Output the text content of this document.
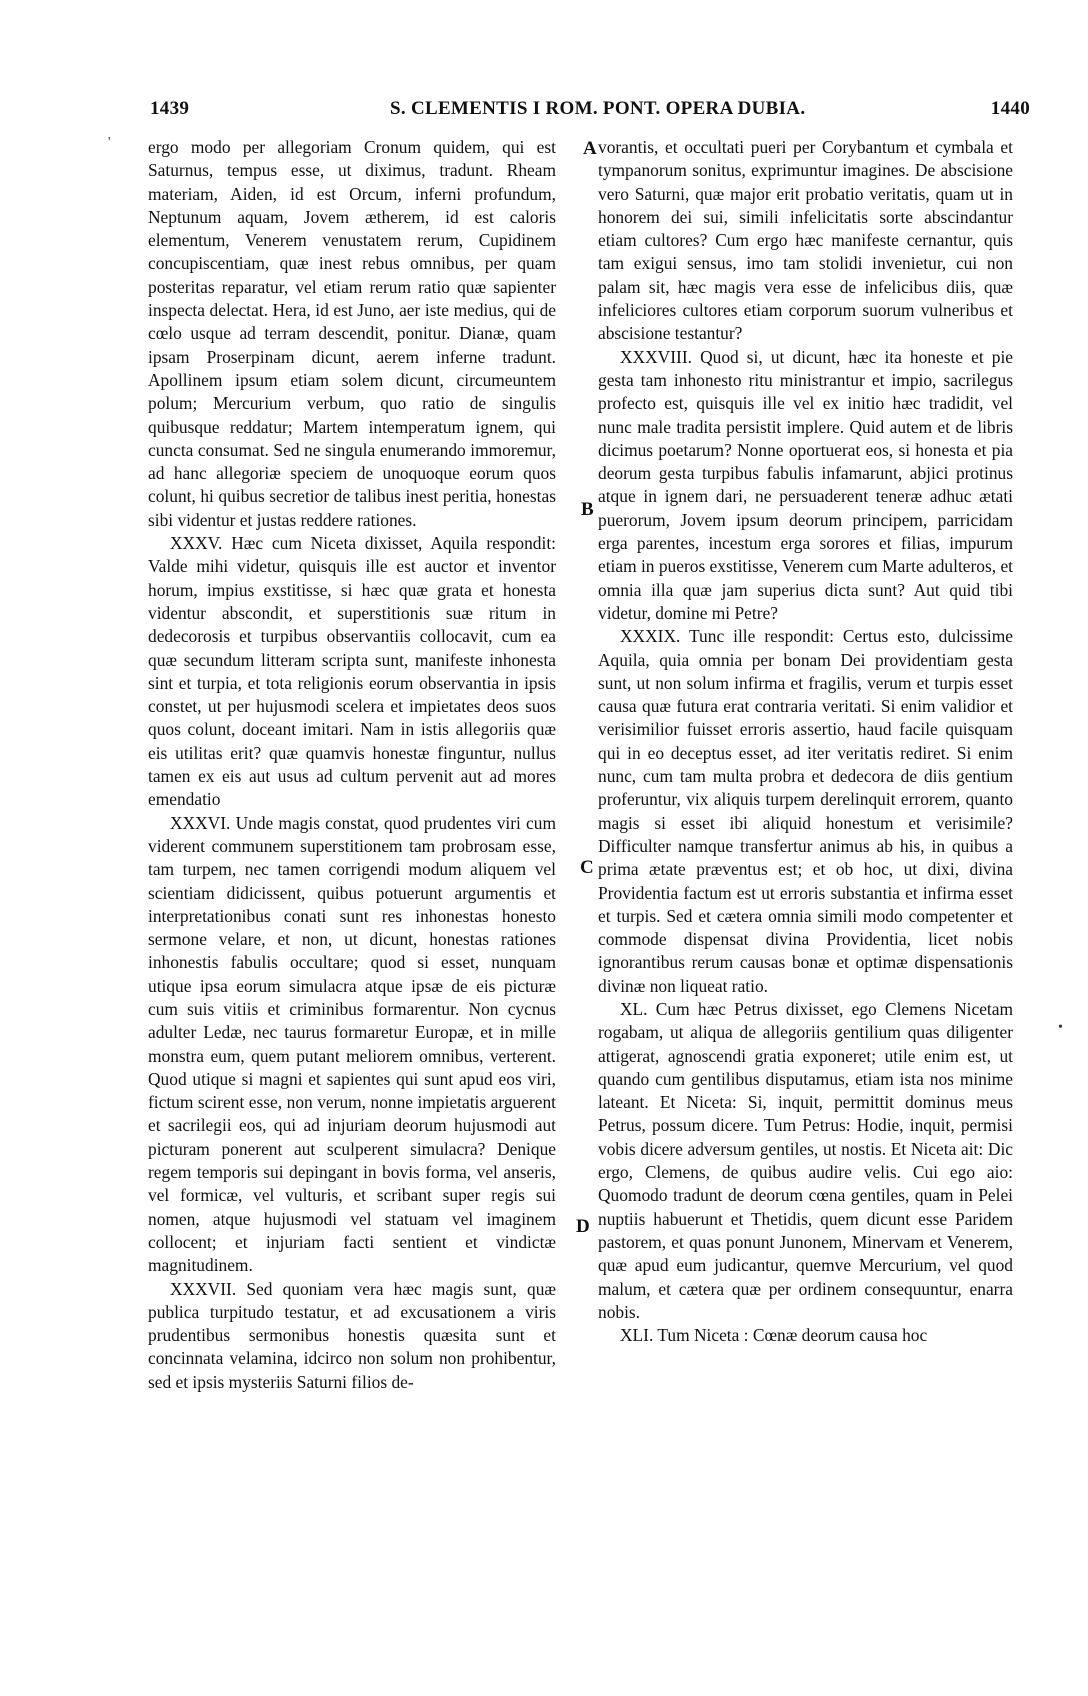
1439	S. CLEMENTIS I ROM. PONT. OPERA DUBIA.	1440
'
•
A
B
C
D

ergo modo per allegoriam Cronum quidem, qui est Saturnus, tempus esse, ut diximus, tradunt. Rheam materiam, Aiden, id est Orcum, inferni profundum, Neptunum aquam, Jovem ætherem, id est caloris elementum, Venerem venustatem rerum, Cupidinem concupiscentiam, quæ inest rebus omnibus, per quam posteritas reparatur, vel etiam rerum ratio quæ sapienter inspecta delectat. Hera, id est Juno, aer iste medius, qui de cœlo usque ad terram descendit, ponitur. Dianæ, quam ipsam Proserpinam dicunt, aerem inferne tradunt. Apollinem ipsum etiam solem dicunt, circumeuntem polum; Mercurium verbum, quo ratio de singulis quibusque reddatur; Martem intemperatum ignem, qui cuncta consumat. Sed ne singula enumerando immoremur, ad hanc allegoriæ speciem de unoquoque eorum quos colunt, hi quibus secretior de talibus inest peritia, honestas sibi videntur et justas reddere rationes.

XXXV. Hæc cum Niceta dixisset, Aquila respondit: Valde mihi videtur, quisquis ille est auctor et inventor horum, impius exstitisse, si hæc quæ grata et honesta videntur abscondit, et superstitionis suæ ritum in dedecorosis et turpibus observantiis collocavit, cum ea quæ secundum litteram scripta sunt, manifeste inhonesta sint et turpia, et tota religionis eorum observantia in ipsis constet, ut per hujusmodi scelera et impietates deos suos quos colunt, doceant imitari. Nam in istis allegoriis quæ eis utilitas erit? quæ quamvis honestæ finguntur, nullus tamen ex eis aut usus ad cultum pervenit aut ad mores emendatio

XXXVI. Unde magis constat, quod prudentes viri cum viderent communem superstitionem tam probrosam esse, tam turpem, nec tamen corrigendi modum aliquem vel scientiam didicissent, quibus potuerunt argumentis et interpretationibus conati sunt res inhonestas honesto sermone velare, et non, ut dicunt, honestas rationes inhonestis fabulis occultare; quod si esset, nunquam utique ipsa eorum simulacra atque ipsæ de eis picturæ cum suis vitiis et criminibus formarentur. Non cycnus adulter Ledæ, nec taurus formaretur Europæ, et in mille monstra eum, quem putant meliorem omnibus, verterent. Quod utique si magni et sapientes qui sunt apud eos viri, fictum scirent esse, non verum, nonne impietatis arguerent et sacrilegii eos, qui ad injuriam deorum hujusmodi aut picturam ponerent aut sculperent simulacra? Denique regem temporis sui depingant in bovis forma, vel anseris, vel formicæ, vel vulturis, et scribant super regis sui nomen, atque hujusmodi vel statuam vel imaginem collocent; et injuriam facti sentient et vindictæ magnitudinem.

XXXVII. Sed quoniam vera hæc magis sunt, quæ publica turpitudo testatur, et ad excusationem a viris prudentibus sermonibus honestis quæsita sunt et concinnata velamina, idcirco non solum non prohibentur, sed et ipsis mysteriis Saturni filios de-

vorantis, et occultati pueri per Corybantum et cymbala et tympanorum sonitus, exprimuntur imagines. De abscisione vero Saturni, quæ major erit probatio veritatis, quam ut in honorem dei sui, simili infelicitatis sorte abscindantur etiam cultores? Cum ergo hæc manifeste cernantur, quis tam exigui sensus, imo tam stolidi invenietur, cui non palam sit, hæc magis vera esse de infelicibus diis, quæ infeliciores cultores etiam corporum suorum vulneribus et abscisione testantur?

XXXVIII. Quod si, ut dicunt, hæc ita honeste et pie gesta tam inhonesto ritu ministrantur et impio, sacrilegus profecto est, quisquis ille vel ex initio hæc tradidit, vel nunc male tradita persistit implere. Quid autem et de libris dicimus poetarum? Nonne oportuerat eos, si honesta et pia deorum gesta turpibus fabulis infamarunt, abjici protinus atque in ignem dari, ne persuaderent teneræ adhuc ætati puerorum, Jovem ipsum deorum principem, parricidam erga parentes, incestum erga sorores et filias, impurum etiam in pueros exstitisse, Venerem cum Marte adulteros, et omnia illa quæ jam superius dicta sunt? Aut quid tibi videtur, domine mi Petre?

XXXIX. Tunc ille respondit: Certus esto, dulcissime Aquila, quia omnia per bonam Dei providentiam gesta sunt, ut non solum infirma et fragilis, verum et turpis esset causa quæ futura erat contraria veritati. Si enim validior et verisimilior fuisset erroris assertio, haud facile quisquam qui in eo deceptus esset, ad iter veritatis rediret. Si enim nunc, cum tam multa probra et dedecora de diis gentium proferuntur, vix aliquis turpem derelinquit errorem, quanto magis si esset ibi aliquid honestum et verisimile? Difficulter namque transfertur animus ab his, in quibus a prima ætate præventus est; et ob hoc, ut dixi, divina Providentia factum est ut erroris substantia et infirma esset et turpis. Sed et cætera omnia simili modo competenter et commode dispensat divina Providentia, licet nobis ignorantibus rerum causas bonæ et optimæ dispensationis divinæ non liqueat ratio.

XL. Cum hæc Petrus dixisset, ego Clemens Nicetam rogabam, ut aliqua de allegoriis gentilium quas diligenter attigerat, agnoscendi gratia exponeret; utile enim est, ut quando cum gentilibus disputamus, etiam ista nos minime lateant. Et Niceta: Si, inquit, permittit dominus meus Petrus, possum dicere. Tum Petrus: Hodie, inquit, permisi vobis dicere adversum gentiles, ut nostis. Et Niceta ait: Dic ergo, Clemens, de quibus audire velis. Cui ego aio: Quomodo tradunt de deorum cœna gentiles, quam in Pelei nuptiis habuerunt et Thetidis, quem dicunt esse Paridem pastorem, et quas ponunt Junonem, Minervam et Venerem, quæ apud eum judicantur, quemve Mercurium, vel quod malum, et cætera quæ per ordinem consequuntur, enarra nobis.

XLI. Tum Niceta : Cœnæ deorum causa hoc
